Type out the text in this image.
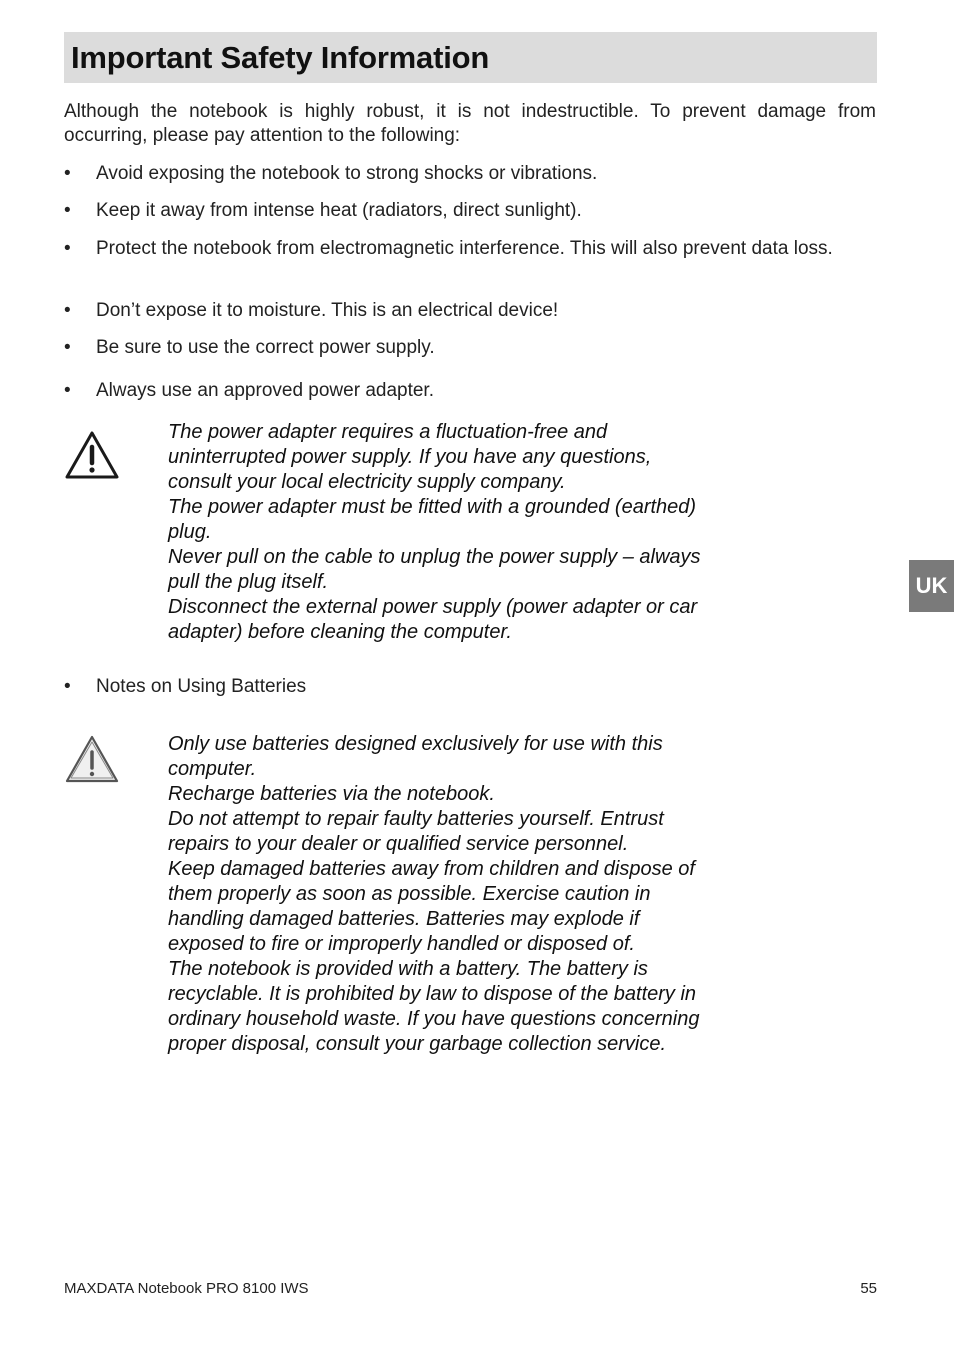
Important Safety Information

Although the notebook is highly robust, it is not indestructible. To prevent damage from occurring, please pay attention to the following:

•	Avoid exposing the notebook to strong shocks or vibrations.
•	Keep it away from intense heat (radiators, direct sunlight).
•	Protect the notebook from electromagnetic interference. This will also prevent data loss.
•	Don’t expose it to moisture. This is an electrical device!
•	Be sure to use the correct power supply.
•	Always use an approved power adapter.

The power adapter requires a fluctuation-free and uninterrupted power supply. If you have any questions, consult your local electricity supply company.

The power adapter must be fitted with a grounded (earthed) plug.

Never pull on the cable to unplug the power supply – always pull the plug itself.

Disconnect the external power supply (power adapter or car adapter) before cleaning the computer.

•	Notes on Using Batteries

Only use batteries designed exclusively for use with this computer.

Recharge batteries via the notebook.

Do not attempt to repair faulty batteries yourself. Entrust repairs to your dealer or qualified service personnel.

Keep damaged batteries away from children and dispose of them properly as soon as possible. Exercise caution in handling damaged batteries. Batteries may explode if exposed to fire or improperly handled or disposed of.

The notebook is provided with a battery. The battery is recyclable. It is prohibited by law to dispose of the battery in ordinary household waste. If you have questions concerning proper disposal, consult your garbage collection service.

UK
MAXDATA Notebook PRO 8100 IWS	55
